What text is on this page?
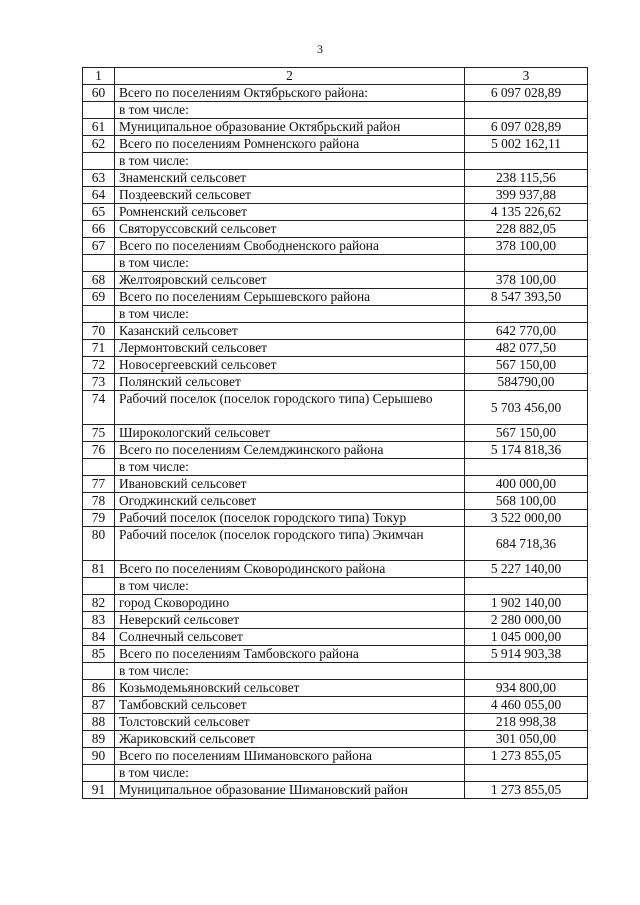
3
1	2	3
60	Всего по поселениям Октябрьского района:	6 097 028,89
	в том числе:	
61	Муниципальное образование Октябрьский район	6 097 028,89
62	Всего по поселениям Ромненского района	5 002 162,11
	в том числе:	
63	Знаменский сельсовет	238 115,56
64	Поздеевский сельсовет	399 937,88
65	Ромненский сельсовет	4 135 226,62
66	Святоруссовский сельсовет	228 882,05
67	Всего по поселениям Свободненского района	378 100,00
	в том числе:	
68	Желтояровский сельсовет	378 100,00
69	Всего по поселениям Серышевского района	8 547 393,50
	в том числе:	
70	Казанский сельсовет	642 770,00
71	Лермонтовский сельсовет	482 077,50
72	Новосергеевский сельсовет	567 150,00
73	Полянский сельсовет	584790,00
74	Рабочий поселок (поселок городского типа) Серышево	5 703 456,00
75	Широкологский сельсовет	567 150,00
76	Всего по поселениям Селемджинского района	5 174 818,36
	в том числе:	
77	Ивановский сельсовет	400 000,00
78	Огоджинский сельсовет	568 100,00
79	Рабочий поселок (поселок городского типа) Токур	3 522 000,00
80	Рабочий поселок (поселок городского типа) Экимчан	684 718,36
81	Всего по поселениям Сковородинского района	5 227 140,00
	в том числе:	
82	город Сковородино	1 902 140,00
83	Неверский сельсовет	2 280 000,00
84	Солнечный сельсовет	1 045 000,00
85	Всего по поселениям Тамбовского района	5 914 903,38
	в том числе:	
86	Козьмодемьяновский сельсовет	934 800,00
87	Тамбовский сельсовет	4 460 055,00
88	Толстовский сельсовет	218 998,38
89	Жариковский сельсовет	301 050,00
90	Всего по поселениям Шимановского района	1 273 855,05
	в том числе:	
91	Муниципальное образование Шимановский район	1 273 855,05
